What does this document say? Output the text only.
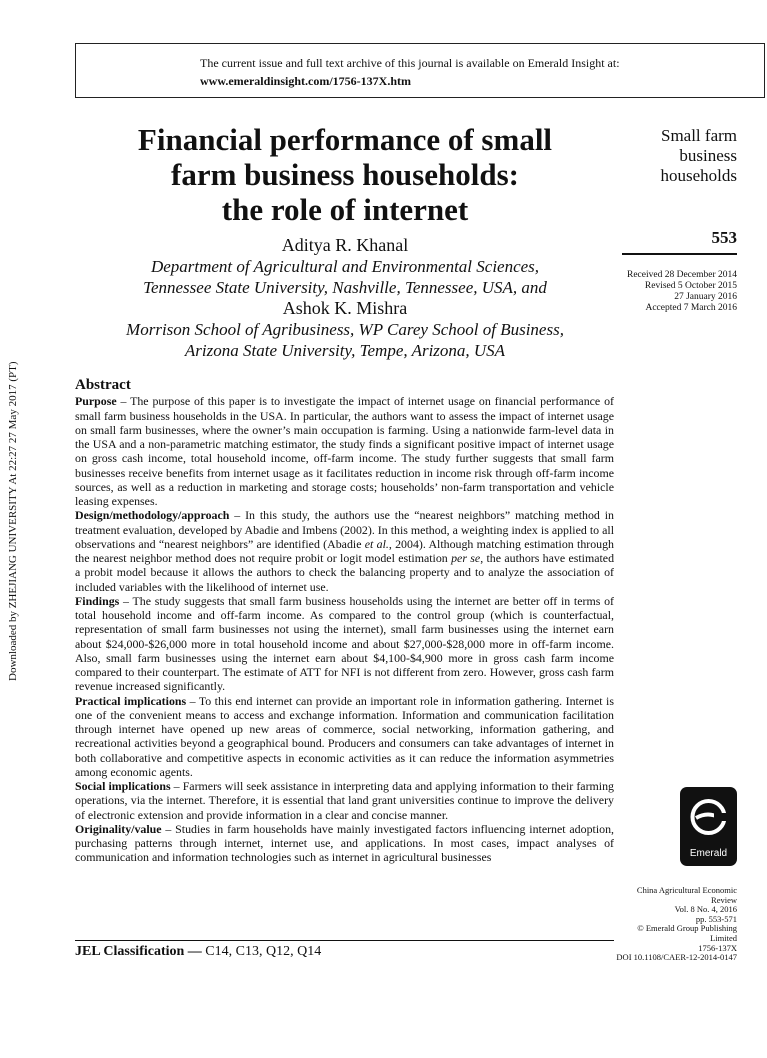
The current issue and full text archive of this journal is available on Emerald Insight at:
www.emeraldinsight.com/1756-137X.htm
Downloaded by ZHEJIANG UNIVERSITY At 22:27 27 May 2017 (PT)
Financial performance of small
farm business households:
the role of internet
Aditya R. Khanal
Department of Agricultural and Environmental Sciences,
Tennessee State University, Nashville, Tennessee, USA, and
Ashok K. Mishra
Morrison School of Agribusiness, WP Carey School of Business,
Arizona State University, Tempe, Arizona, USA
Small farm
business
households
553
Received 28 December 2014
Revised 5 October 2015
27 January 2016
Accepted 7 March 2016
Abstract

Purpose – The purpose of this paper is to investigate the impact of internet usage on financial performance of small farm business households in the USA. In particular, the authors want to assess the impact of internet usage on small farm businesses, where the owner’s main occupation is farming. Using a nationwide farm-level data in the USA and a non-parametric matching estimator, the study finds a significant positive impact of internet usage on gross cash income, total household income, off-farm income. The study further suggests that small farm businesses receive benefits from internet usage as it facilitates reduction in income risk through off-farm income sources, as well as a reduction in marketing and storage costs; households’ non-farm transportation and vehicle leasing expenses.

Design/methodology/approach – In this study, the authors use the “nearest neighbors” matching method in treatment evaluation, developed by Abadie and Imbens (2002). In this method, a weighting index is applied to all observations and “nearest neighbors” are identified (Abadie et al., 2004). Although matching estimation through the nearest neighbor method does not require probit or logit model estimation per se, the authors have estimated a probit model because it allows the authors to check the balancing property and to analyze the association of included variables with the likelihood of internet use.

Findings – The study suggests that small farm business households using the internet are better off in terms of total household income and off-farm income. As compared to the control group (which is counterfactual, representation of small farm businesses not using the internet), small farm businesses using the internet earn about $24,000-$26,000 more in total household income and about $27,000-$28,000 more in off-farm income. Also, small farm businesses using the internet earn about $4,100-$4,900 more in gross cash farm income compared to their counterpart. The estimate of ATT for NFI is not different from zero. However, gross cash farm revenue increased significantly.

Practical implications – To this end internet can provide an important role in information gathering. Internet is one of the convenient means to access and exchange information. Information and communication facilitation through internet have opened up new areas of commerce, social networking, information gathering, and recreational activities beyond a geographical bound. Producers and consumers can take advantages of internet in both collaborative and competitive aspects in economic activities as it can reduce the information asymmetries among economic agents.

Social implications – Farmers will seek assistance in interpreting data and applying information to their farming operations, via the internet. Therefore, it is essential that land grant universities continue to improve the delivery of electronic extension and provide information in a clear and concise manner.

Originality/value – Studies in farm households have mainly investigated factors influencing internet adoption, purchasing patterns through internet, internet use, and applications. In most cases, impact analyses of communication and information technologies such as internet in agricultural businesses

JEL Classification — C14, C13, Q12, Q14
Emerald
China Agricultural Economic
Review
Vol. 8 No. 4, 2016
pp. 553-571
© Emerald Group Publishing Limited
1756-137X
DOI 10.1108/CAER-12-2014-0147
